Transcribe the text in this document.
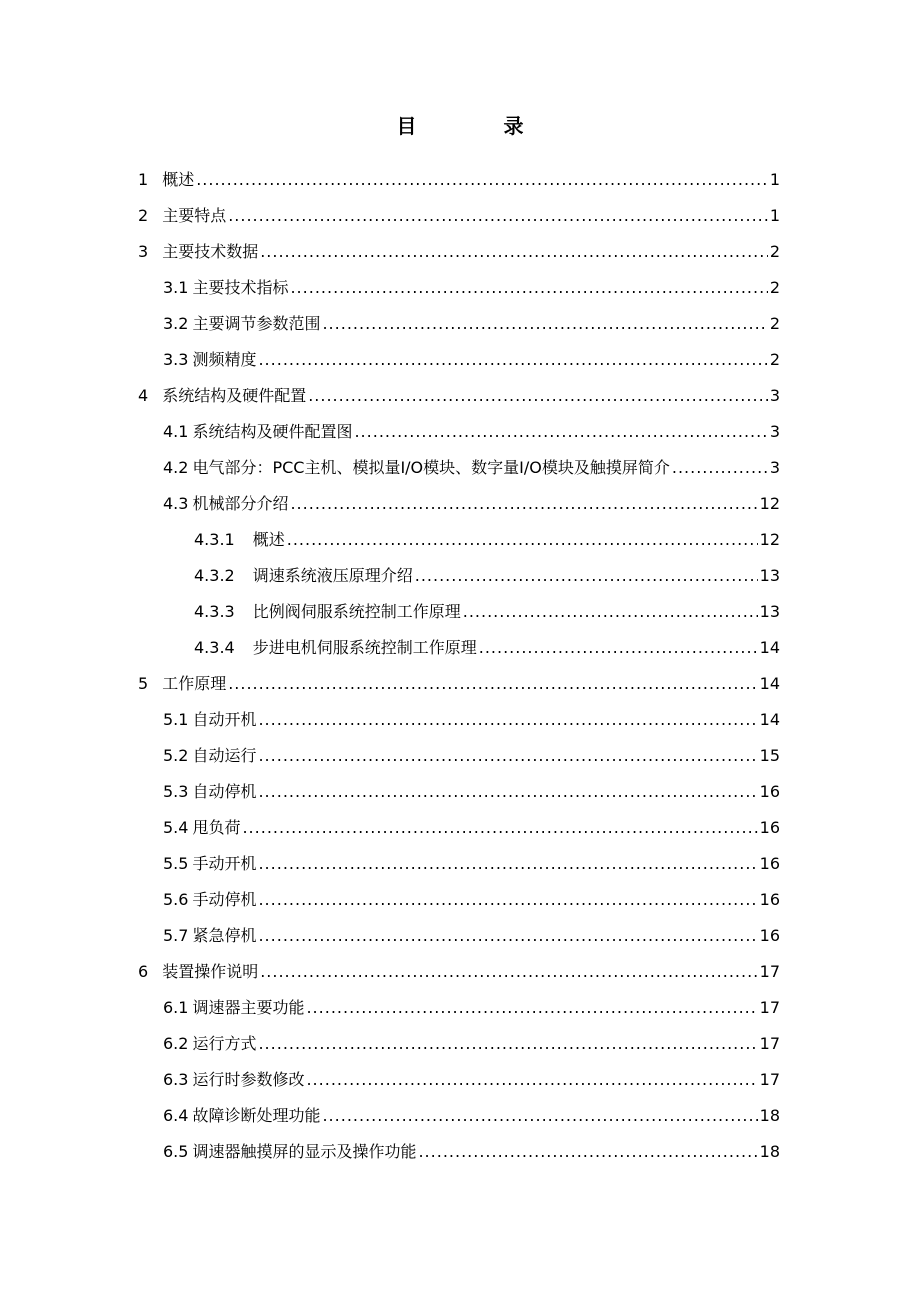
目 录
1 概述 .....	1
2 主要特点 .....	1
3 主要技术数据 .....	2
3.1 主要技术指标 .....	2
3.2 主要调节参数范围 .....	2
3.3 测频精度 .....	2
4 系统结构及硬件配置 .....	3
4.1 系统结构及硬件配置图 .....	3
4.2 电气部分：PCC主机、模拟量I/O模块、数字量I/O模块及触摸屏简介 .....	3
4.3 机械部分介绍 .....	12
4.3.1 概述 .....	12
4.3.2 调速系统液压原理介绍 .....	13
4.3.3 比例阀伺服系统控制工作原理 .....	13
4.3.4 步进电机伺服系统控制工作原理 .....	14
5 工作原理 .....	14
5.1 自动开机 .....	14
5.2 自动运行 .....	15
5.3 自动停机 .....	16
5.4 甩负荷 .....	16
5.5 手动开机 .....	16
5.6 手动停机 .....	16
5.7 紧急停机 .....	16
6 装置操作说明 .....	17
6.1 调速器主要功能 .....	17
6.2 运行方式 .....	17
6.3 运行时参数修改 .....	17
6.4 故障诊断处理功能 .....	18
6.5 调速器触摸屏的显示及操作功能 .....	18
